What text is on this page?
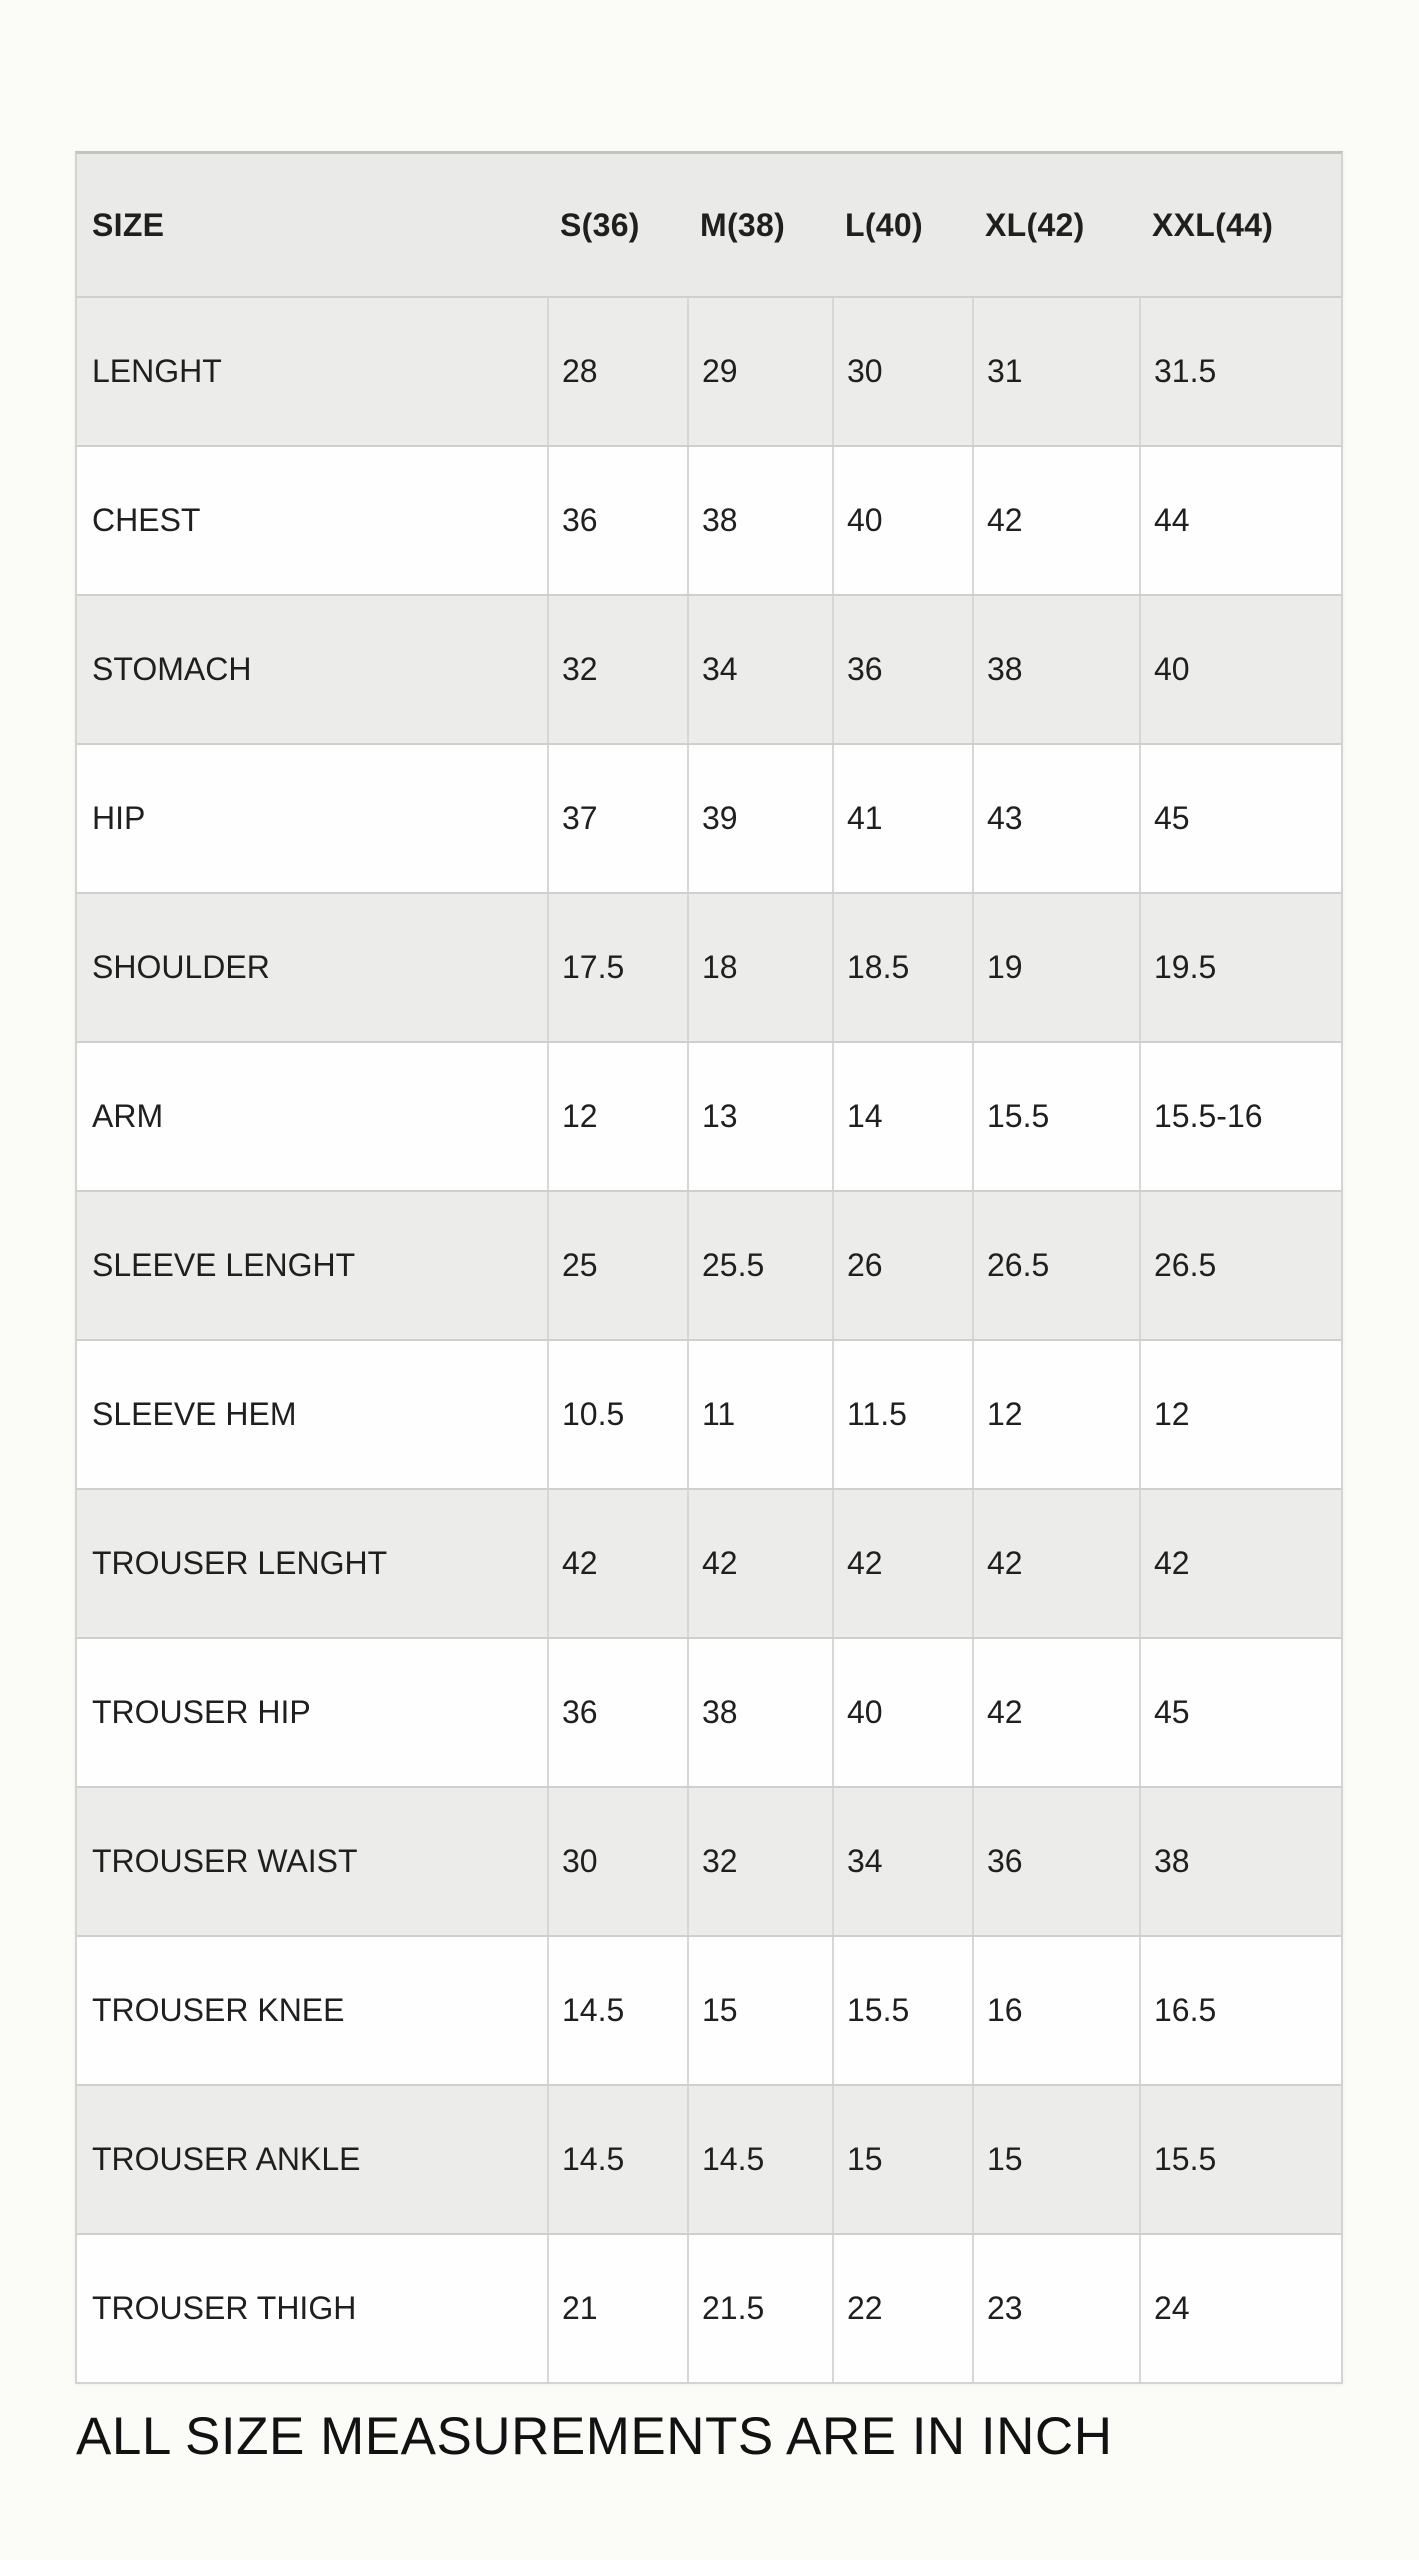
SIZE	S(36)	M(38)	L(40)	XL(42)	XXL(44)
LENGHT	28	29	30	31	31.5
CHEST	36	38	40	42	44
STOMACH	32	34	36	38	40
HIP	37	39	41	43	45
SHOULDER	17.5	18	18.5	19	19.5
ARM	12	13	14	15.5	15.5-16
SLEEVE LENGHT	25	25.5	26	26.5	26.5
SLEEVE HEM	10.5	11	11.5	12	12
TROUSER LENGHT	42	42	42	42	42
TROUSER HIP	36	38	40	42	45
TROUSER WAIST	30	32	34	36	38
TROUSER KNEE	14.5	15	15.5	16	16.5
TROUSER ANKLE	14.5	14.5	15	15	15.5
TROUSER THIGH	21	21.5	22	23	24
ALL SIZE MEASUREMENTS ARE IN INCH
